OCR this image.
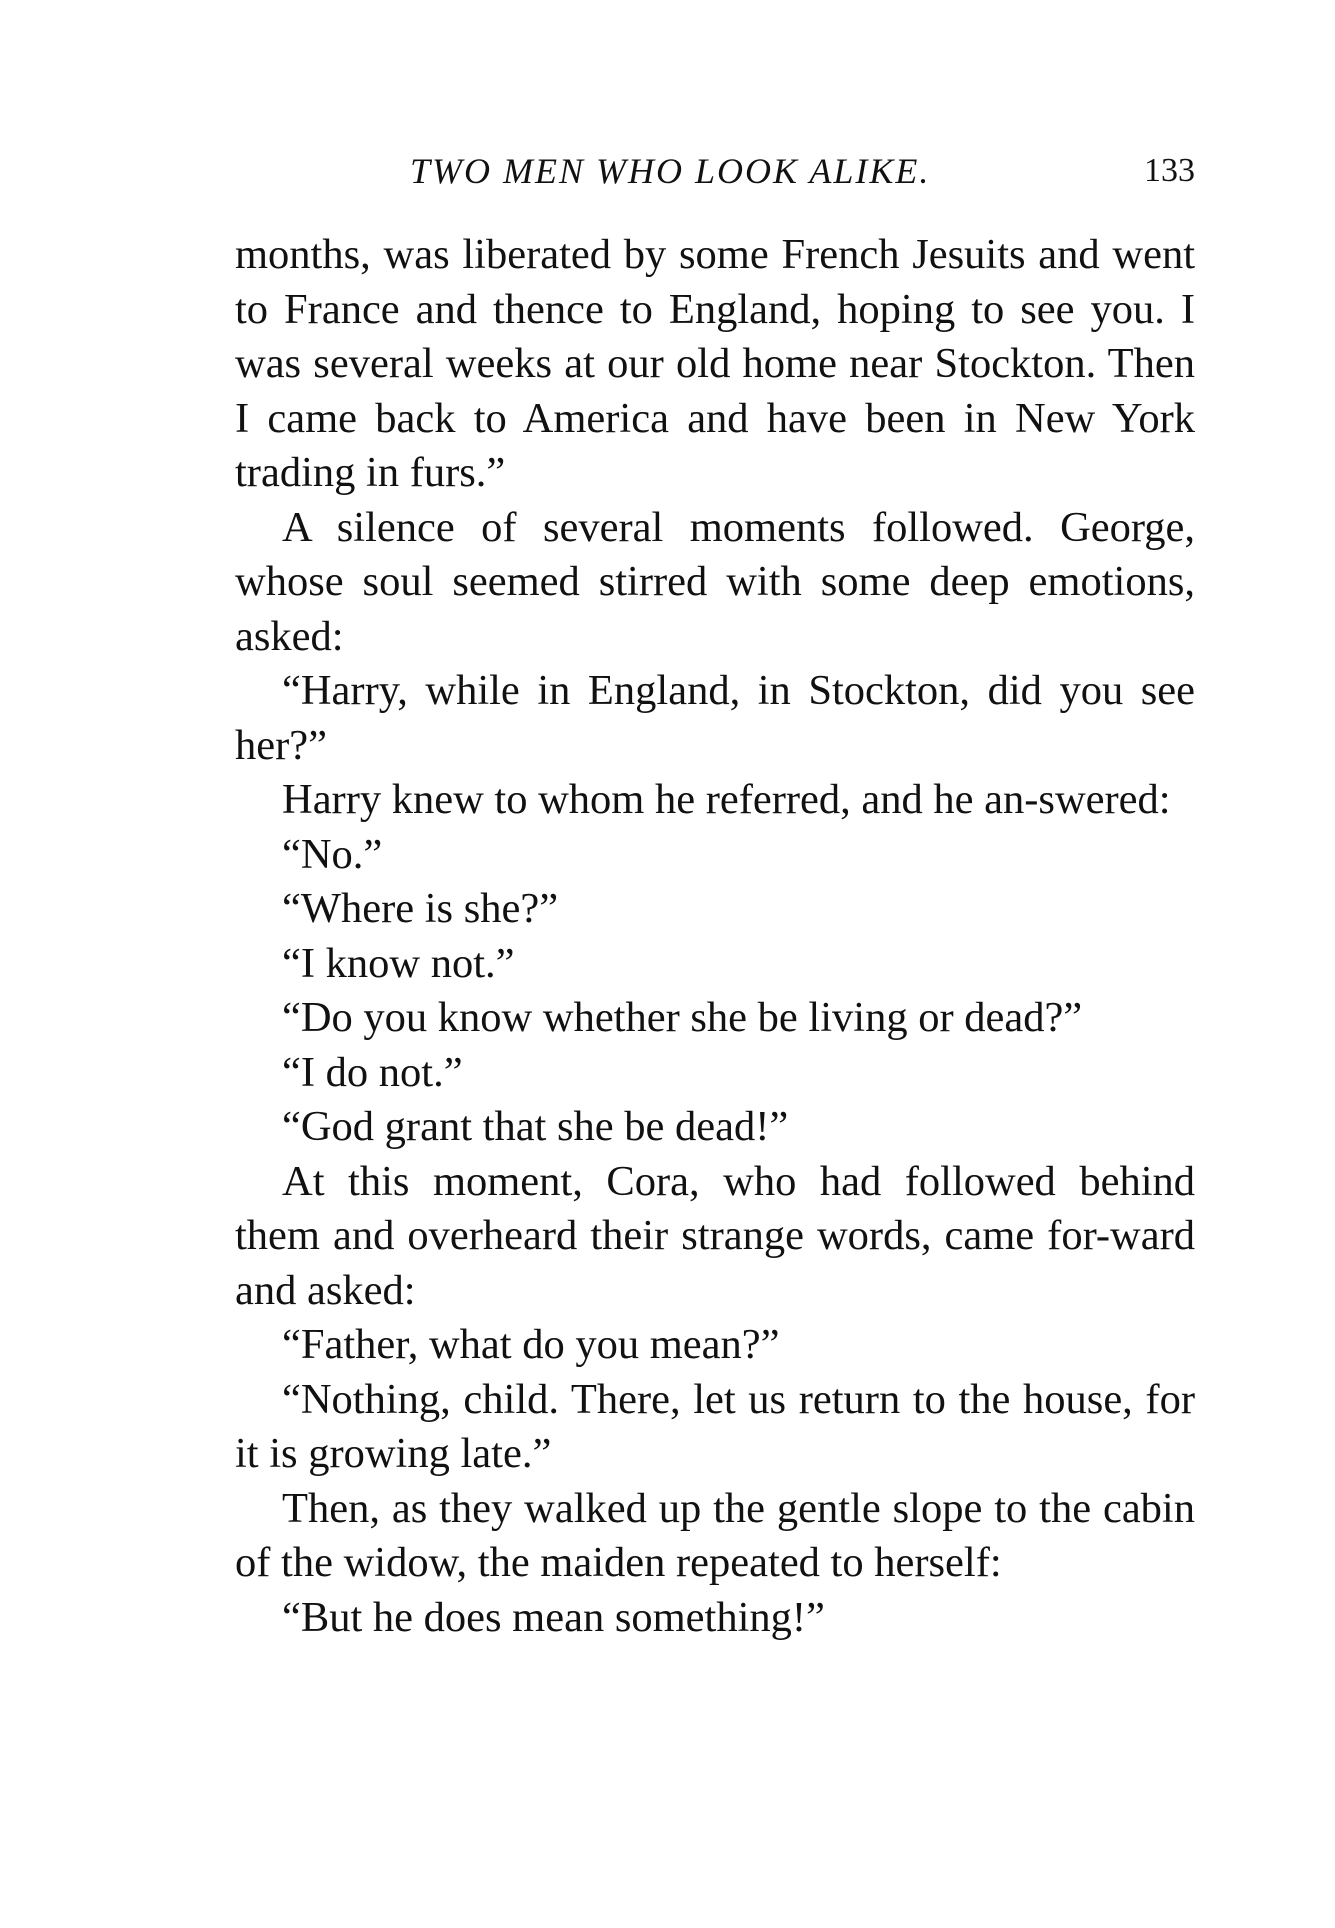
TWO MEN WHO LOOK ALIKE.	133

months, was liberated by some French Jesuits and went to France and thence to England, hoping to see you. I was several weeks at our old home near Stockton. Then I came back to America and have been in New York trading in furs.”

A silence of several moments followed. George, whose soul seemed stirred with some deep emotions, asked:

“Harry, while in England, in Stockton, did you see her?”

Harry knew to whom he referred, and he an-swered:

“No.”

“Where is she?”

“I know not.”

“Do you know whether she be living or dead?”

“I do not.”

“God grant that she be dead!”

At this moment, Cora, who had followed behind them and overheard their strange words, came for-ward and asked:

“Father, what do you mean?”

“Nothing, child. There, let us return to the house, for it is growing late.”

Then, as they walked up the gentle slope to the cabin of the widow, the maiden repeated to herself:

“But he does mean something!”
